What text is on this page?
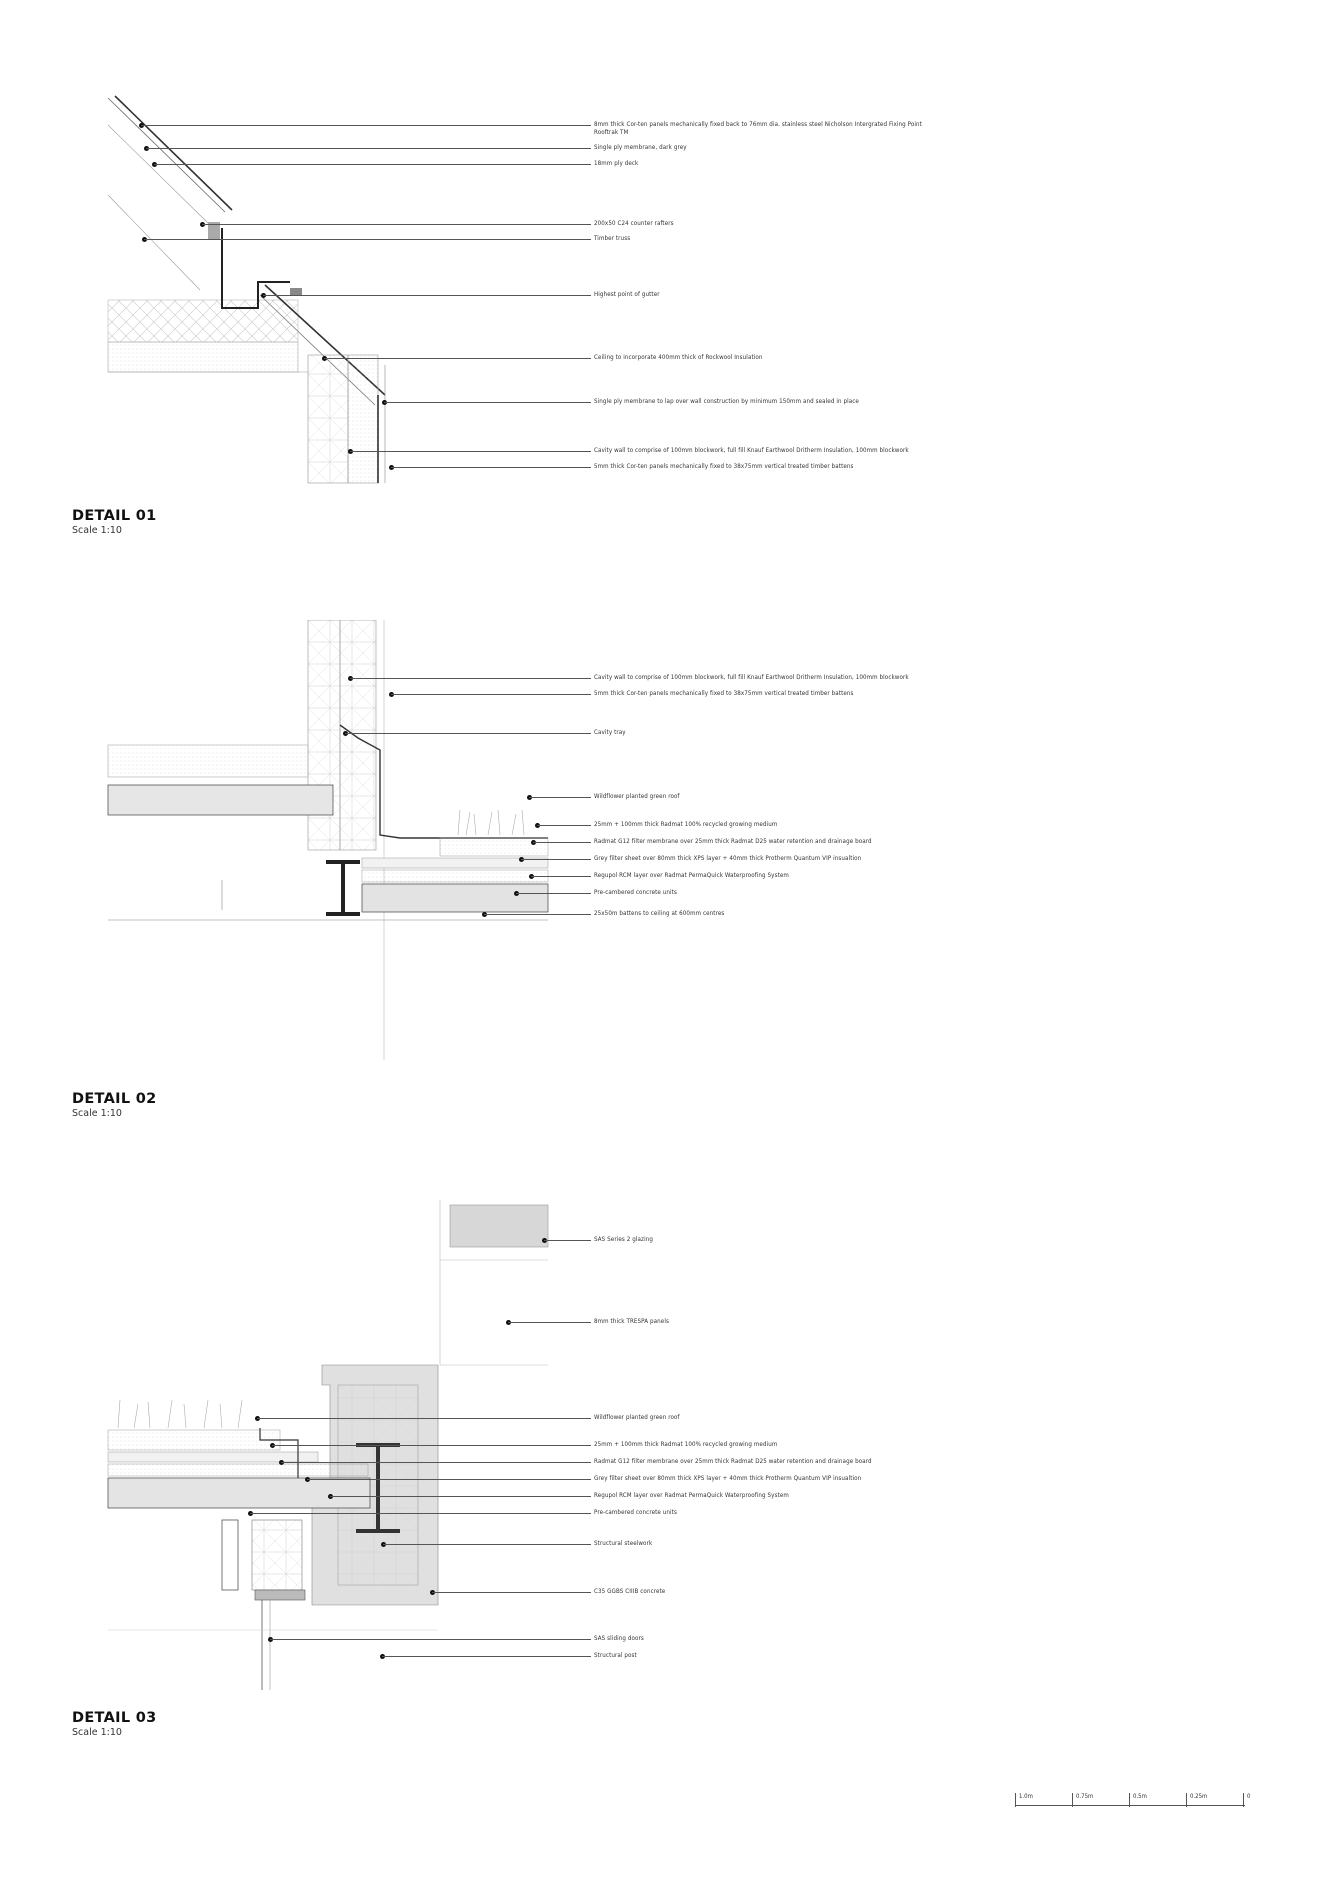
8mm thick Cor-ten panels mechanically fixed back to 76mm dia. stainless steel Nicholson Intergrated Fixing Point Rooftrak TM
Single ply membrane, dark grey
18mm ply deck
200x50 C24 counter rafters
Timber truss
Highest point of gutter
Ceiling to incorporate 400mm thick of Rockwool Insulation
Single ply membrane to lap over wall construction by minimum 150mm and sealed in place
Cavity wall to comprise of 100mm blockwork, full fill Knauf Earthwool Dritherm Insulation, 100mm blockwork
5mm thick Cor-ten panels mechanically fixed to 38x75mm vertical treated timber battens
DETAIL 01
Scale 1:10
Cavity wall to comprise of 100mm blockwork, full fill Knauf Earthwool Dritherm Insulation, 100mm blockwork
5mm thick Cor-ten panels mechanically fixed to 38x75mm vertical treated timber battens
Cavity tray
Wildflower planted green roof
25mm + 100mm thick Radmat 100% recycled growing medium
Radmat G12 filter membrane over 25mm thick Radmat D25 water retention and drainage board
Grey filter sheet over 80mm thick XPS layer + 40mm thick Protherm Quantum VIP insualtion
Regupol RCM layer over Radmat PermaQuick Waterproofing System
Pre-cambered concrete units
25x50m battens to ceiling at 600mm centres
DETAIL 02
Scale 1:10
SAS Series 2 glazing
8mm thick TRESPA panels
Wildflower planted green roof
25mm + 100mm thick Radmat 100% recycled growing medium
Radmat G12 filter membrane over 25mm thick Radmat D25 water retention and drainage board
Grey filter sheet over 80mm thick XPS layer + 40mm thick Protherm Quantum VIP insualtion
Regupol RCM layer over Radmat PermaQuick Waterproofing System
Pre-cambered concrete units
Structural steelwork
C35 GGBS CIIIB concrete
SAS sliding doors
Structural post
DETAIL 03
Scale 1:10
1.0m	0.75m	0.5m	0.25m	0
